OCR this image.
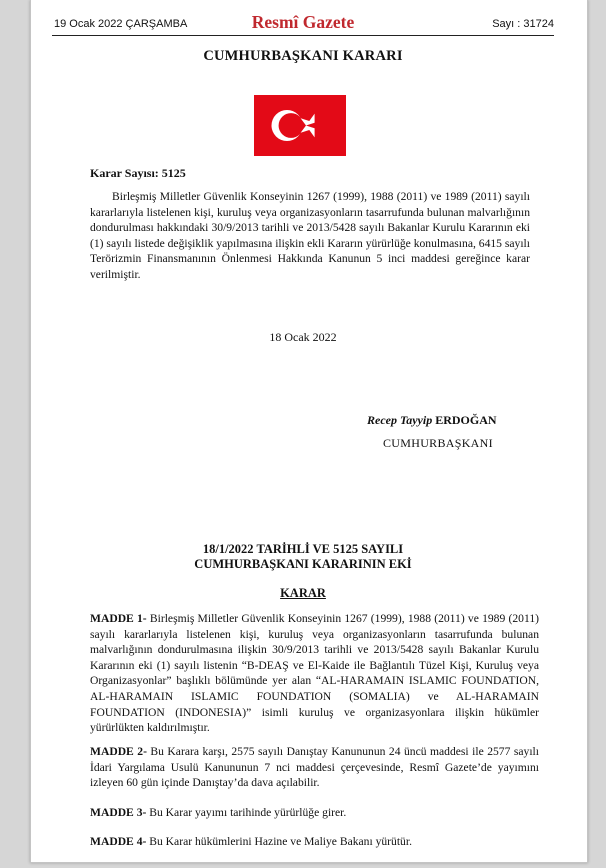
19 Ocak 2022 ÇARŞAMBA	Resmî Gazete	Sayı : 31724
CUMHURBAŞKANI KARARI
Karar Sayısı: 5125
Birleşmiş Milletler Güvenlik Konseyinin 1267 (1999), 1988 (2011) ve 1989 (2011) sayılı kararlarıyla listelenen kişi, kuruluş veya organizasyonların tasarrufunda bulunan malvarlığının dondurulması hakkındaki 30/9/2013 tarihli ve 2013/5428 sayılı Bakanlar Kurulu Kararının eki (1) sayılı listede değişiklik yapılmasına ilişkin ekli Kararın yürürlüğe konulmasına, 6415 sayılı Terörizmin Finansmanının Önlenmesi Hakkında Kanunun 5 inci maddesi gereğince karar verilmiştir.
18 Ocak 2022
Recep Tayyip ERDOĞAN
CUMHURBAŞKANI
18/1/2022 TARİHLİ VE 5125 SAYILI
CUMHURBAŞKANI KARARININ EKİ
KARAR
MADDE 1- Birleşmiş Milletler Güvenlik Konseyinin 1267 (1999), 1988 (2011) ve 1989 (2011) sayılı kararlarıyla listelenen kişi, kuruluş veya organizasyonların tasarrufunda bulunan malvarlığının dondurulmasına ilişkin 30/9/2013 tarihli ve 2013/5428 sayılı Bakanlar Kurulu Kararının eki (1) sayılı listenin “B-DEAŞ ve El-Kaide ile Bağlantılı Tüzel Kişi, Kuruluş veya Organizasyonlar” başlıklı bölümünde yer alan “AL-HARAMAIN ISLAMIC FOUNDATION, AL-HARAMAIN ISLAMIC FOUNDATION (SOMALIA) ve AL-HARAMAIN FOUNDATION (INDONESIA)” isimli kuruluş ve organizasyonlara ilişkin hükümler yürürlükten kaldırılmıştır.
MADDE 2- Bu Karara karşı, 2575 sayılı Danıştay Kanununun 24 üncü maddesi ile 2577 sayılı İdari Yargılama Usulü Kanununun 7 nci maddesi çerçevesinde, Resmî Gazete’de yayımını izleyen 60 gün içinde Danıştay’da dava açılabilir.
MADDE 3- Bu Karar yayımı tarihinde yürürlüğe girer.
MADDE 4- Bu Karar hükümlerini Hazine ve Maliye Bakanı yürütür.
